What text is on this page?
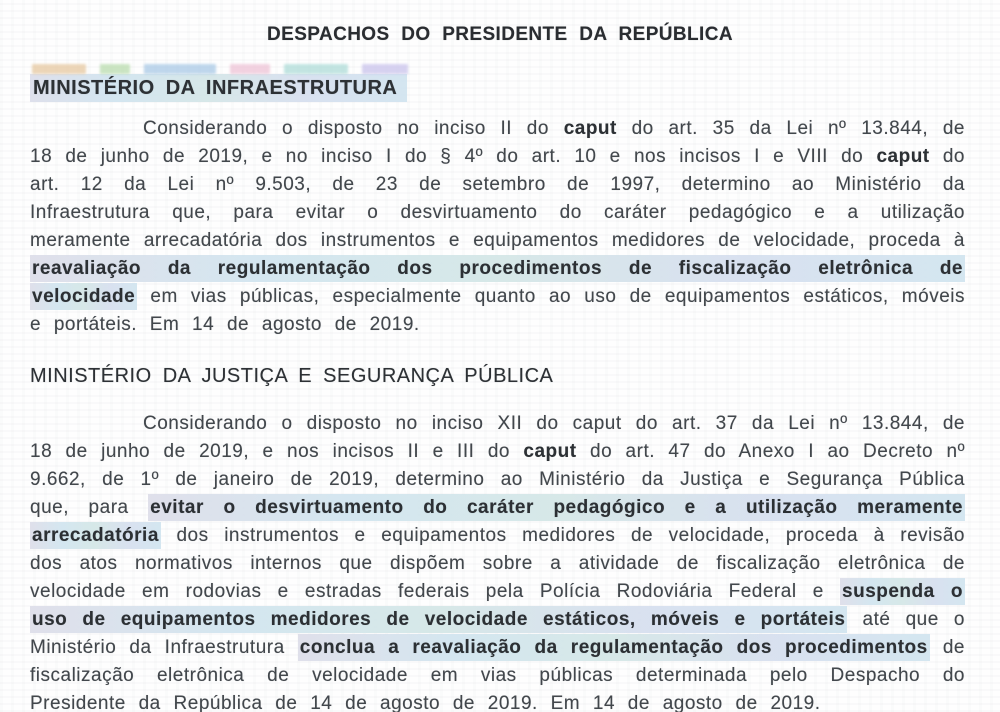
DESPACHOS DO PRESIDENTE DA REPÚBLICA
MINISTÉRIO DA INFRAESTRUTURA

Considerando o disposto no inciso II do caput do art. 35 da Lei nº 13.844, de 18 de junho de 2019, e no inciso I do § 4º do art. 10 e nos incisos I e VIII do caput do art. 12 da Lei nº 9.503, de 23 de setembro de 1997, determino ao Ministério da Infraestrutura que, para evitar o desvirtuamento do caráter pedagógico e a utilização meramente arrecadatória dos instrumentos e equipamentos medidores de velocidade, proceda à reavaliação da regulamentação dos procedimentos de fiscalização eletrônica de velocidade em vias públicas, especialmente quanto ao uso de equipamentos estáticos, móveis e portáteis. Em 14 de agosto de 2019.

MINISTÉRIO DA JUSTIÇA E SEGURANÇA PÚBLICA

Considerando o disposto no inciso XII do caput do art. 37 da Lei nº 13.844, de 18 de junho de 2019, e nos incisos II e III do caput do art. 47 do Anexo I ao Decreto nº 9.662, de 1º de janeiro de 2019, determino ao Ministério da Justiça e Segurança Pública que, para evitar o desvirtuamento do caráter pedagógico e a utilização meramente arrecadatória dos instrumentos e equipamentos medidores de velocidade, proceda à revisão dos atos normativos internos que dispõem sobre a atividade de fiscalização eletrônica de velocidade em rodovias e estradas federais pela Polícia Rodoviária Federal e suspenda o uso de equipamentos medidores de velocidade estáticos, móveis e portáteis até que o Ministério da Infraestrutura conclua a reavaliação da regulamentação dos procedimentos de fiscalização eletrônica de velocidade em vias públicas determinada pelo Despacho do Presidente da República de 14 de agosto de 2019. Em 14 de agosto de 2019.
